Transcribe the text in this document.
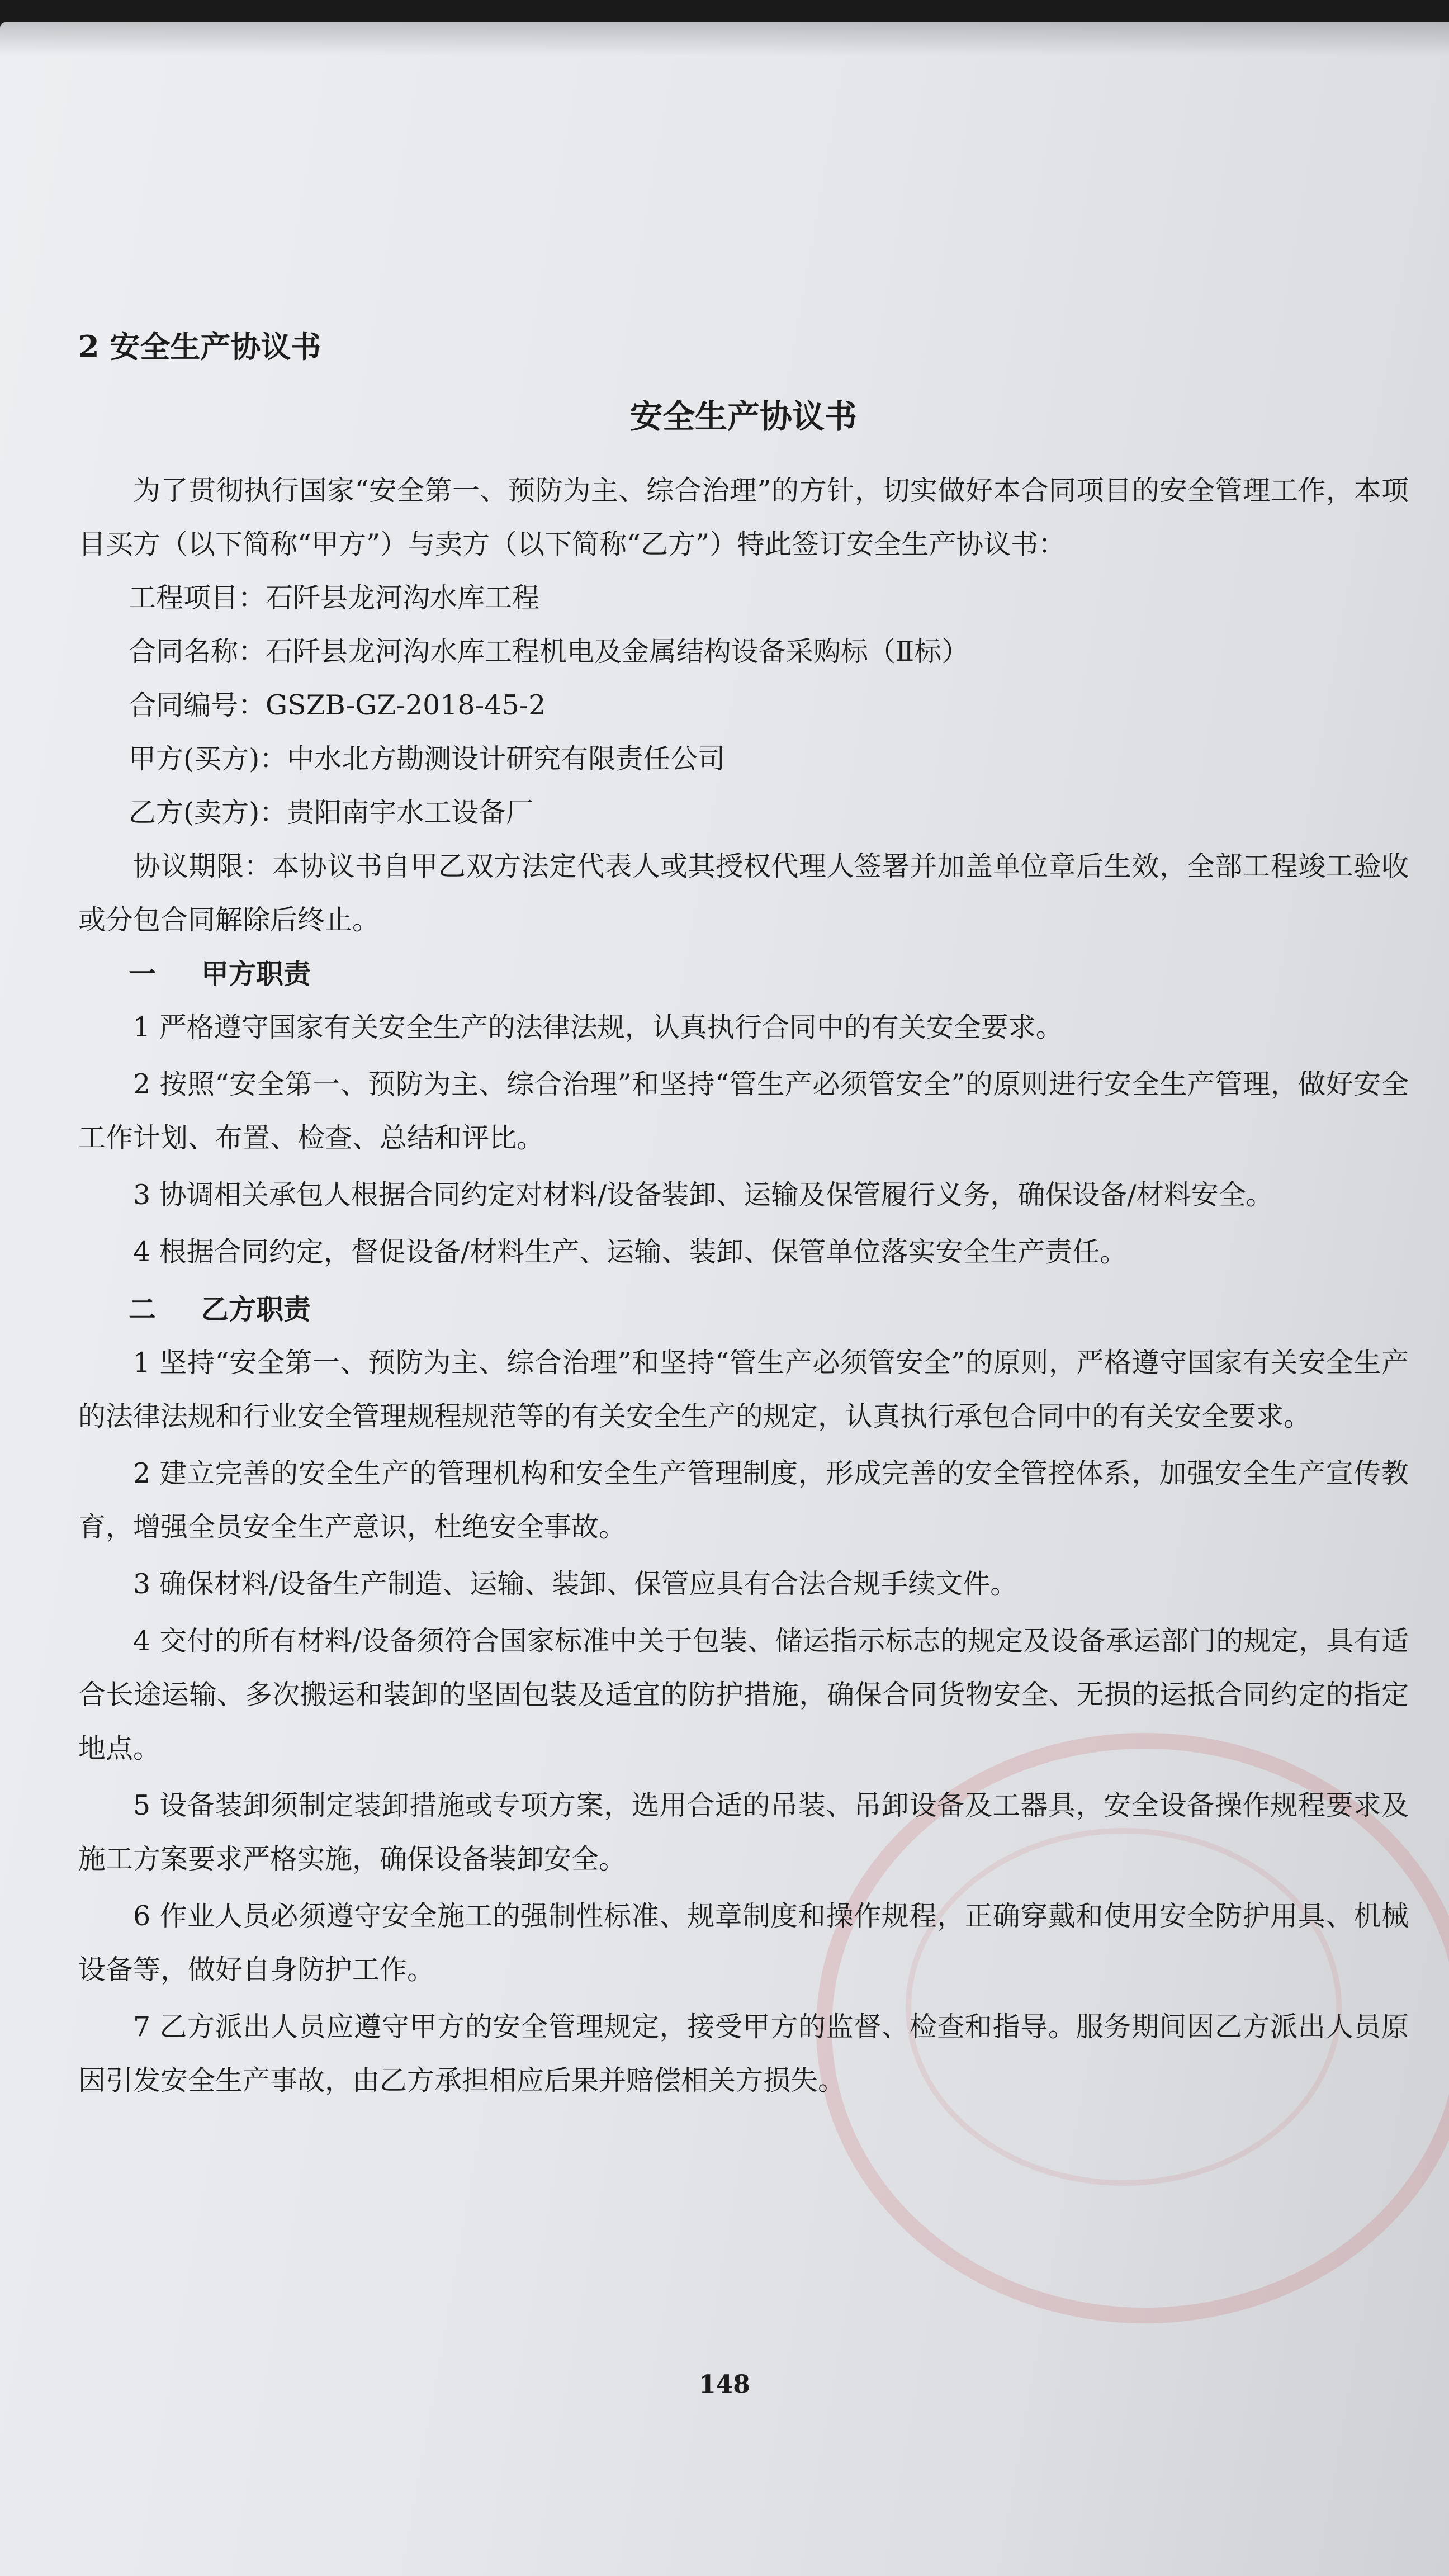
2 安全生产协议书
安全生产协议书

为了贯彻执行国家“安全第一、预防为主、综合治理”的方针，切实做好本合同项目的安全管理工作，本项目买方（以下简称“甲方”）与卖方（以下简称“乙方”）特此签订安全生产协议书：

工程项目：石阡县龙河沟水库工程

合同名称：石阡县龙河沟水库工程机电及金属结构设备采购标（Ⅱ标）

合同编号：GSZB-GZ-2018-45-2

甲方(买方)：中水北方勘测设计研究有限责任公司

乙方(卖方)：贵阳南宇水工设备厂

协议期限：本协议书自甲乙双方法定代表人或其授权代理人签署并加盖单位章后生效，全部工程竣工验收或分包合同解除后终止。

一 甲方职责

1 严格遵守国家有关安全生产的法律法规，认真执行合同中的有关安全要求。

2 按照“安全第一、预防为主、综合治理”和坚持“管生产必须管安全”的原则进行安全生产管理，做好安全工作计划、布置、检查、总结和评比。

3 协调相关承包人根据合同约定对材料/设备装卸、运输及保管履行义务，确保设备/材料安全。

4 根据合同约定，督促设备/材料生产、运输、装卸、保管单位落实安全生产责任。

二 乙方职责

1 坚持“安全第一、预防为主、综合治理”和坚持“管生产必须管安全”的原则，严格遵守国家有关安全生产的法律法规和行业安全管理规程规范等的有关安全生产的规定，认真执行承包合同中的有关安全要求。

2 建立完善的安全生产的管理机构和安全生产管理制度，形成完善的安全管控体系，加强安全生产宣传教育，增强全员安全生产意识，杜绝安全事故。

3 确保材料/设备生产制造、运输、装卸、保管应具有合法合规手续文件。

4 交付的所有材料/设备须符合国家标准中关于包装、储运指示标志的规定及设备承运部门的规定，具有适合长途运输、多次搬运和装卸的坚固包装及适宜的防护措施，确保合同货物安全、无损的运抵合同约定的指定地点。

5 设备装卸须制定装卸措施或专项方案，选用合适的吊装、吊卸设备及工器具，安全设备操作规程要求及施工方案要求严格实施，确保设备装卸安全。

6 作业人员必须遵守安全施工的强制性标准、规章制度和操作规程，正确穿戴和使用安全防护用具、机械设备等，做好自身防护工作。

7 乙方派出人员应遵守甲方的安全管理规定，接受甲方的监督、检查和指导。服务期间因乙方派出人员原因引发安全生产事故，由乙方承担相应后果并赔偿相关方损失。

148
